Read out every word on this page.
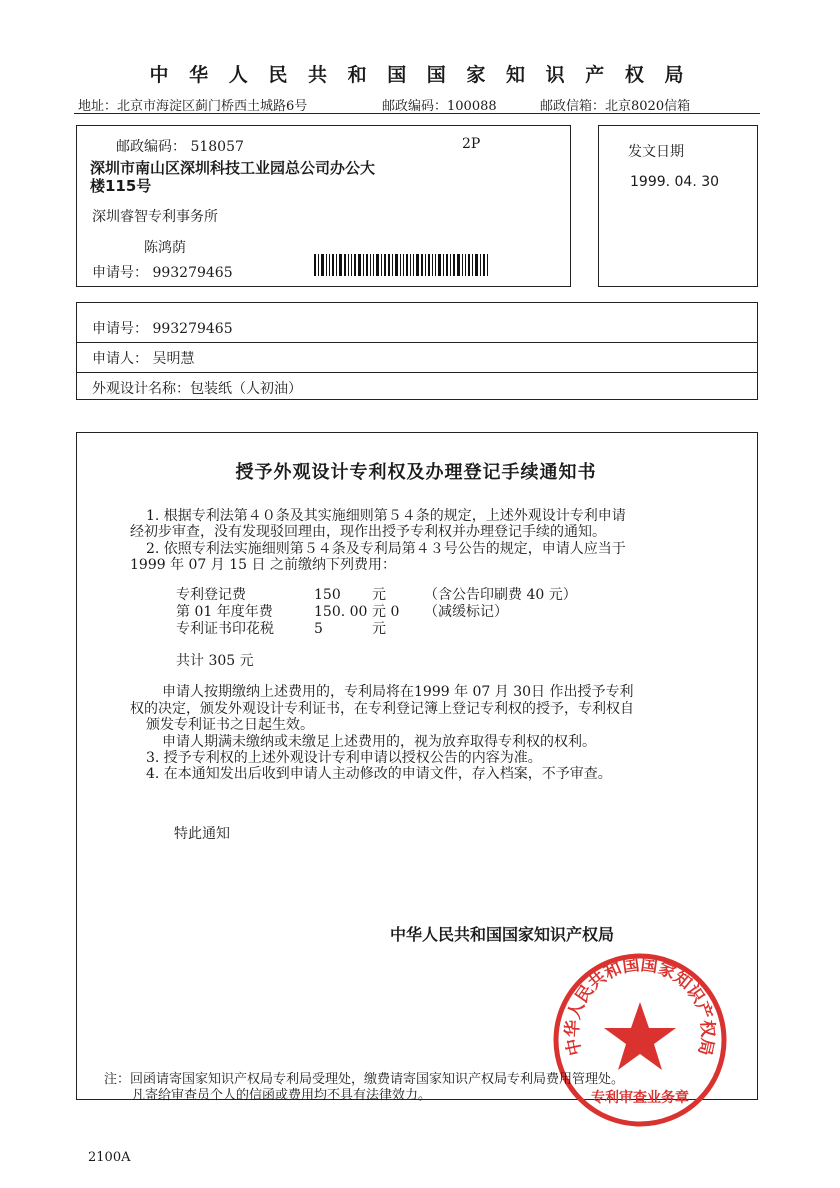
中 华 人 民 共 和 国 国 家 知 识 产 权 局
地址：北京市海淀区蓟门桥西土城路6号	邮政编码：100088	邮政信箱：北京8020信箱
邮政编码： 518057	2P
深圳市南山区深圳科技工业园总公司办公大
楼115号
深圳睿智专利事务所
陈鸿荫
申请号： 993279465
发文日期
1999. 04. 30
申请号： 993279465
申请人： 吴明慧
外观设计名称：包装纸（人初油）
授予外观设计专利权及办理登记手续通知书
1. 根据专利法第４０条及其实施细则第５４条的规定，上述外观设计专利申请
经初步审查，没有发现驳回理由，现作出授予专利权并办理登记手续的通知。
2. 依照专利法实施细则第５４条及专利局第４３号公告的规定，申请人应当于
1999 年 07 月 15 日 之前缴纳下列费用：
专利登记费	150 元	（含公告印刷费 40 元）
第 01 年度年费	150. 00 元 0 （减缓标记）
专利证书印花税	5	元
共计 305 元
申请人按期缴纳上述费用的，专利局将在1999 年 07 月 30日 作出授予专利
权的决定，颁发外观设计专利证书，在专利登记簿上登记专利权的授予，专利权自
颁发专利证书之日起生效。
申请人期满未缴纳或未缴足上述费用的，视为放弃取得专利权的权利。
3. 授予专利权的上述外观设计专利申请以授权公告的内容为准。
4. 在本通知发出后收到申请人主动修改的申请文件，存入档案，不予审查。
特此通知
中华人民共和国国家知识产权局
中华人民共和国国家知识产权局
专利审查业务章
注：回函请寄国家知识产权局专利局受理处，缴费请寄国家知识产权局专利局费用管理处。
凡寄给审查员个人的信函或费用均不具有法律效力。
2100A
